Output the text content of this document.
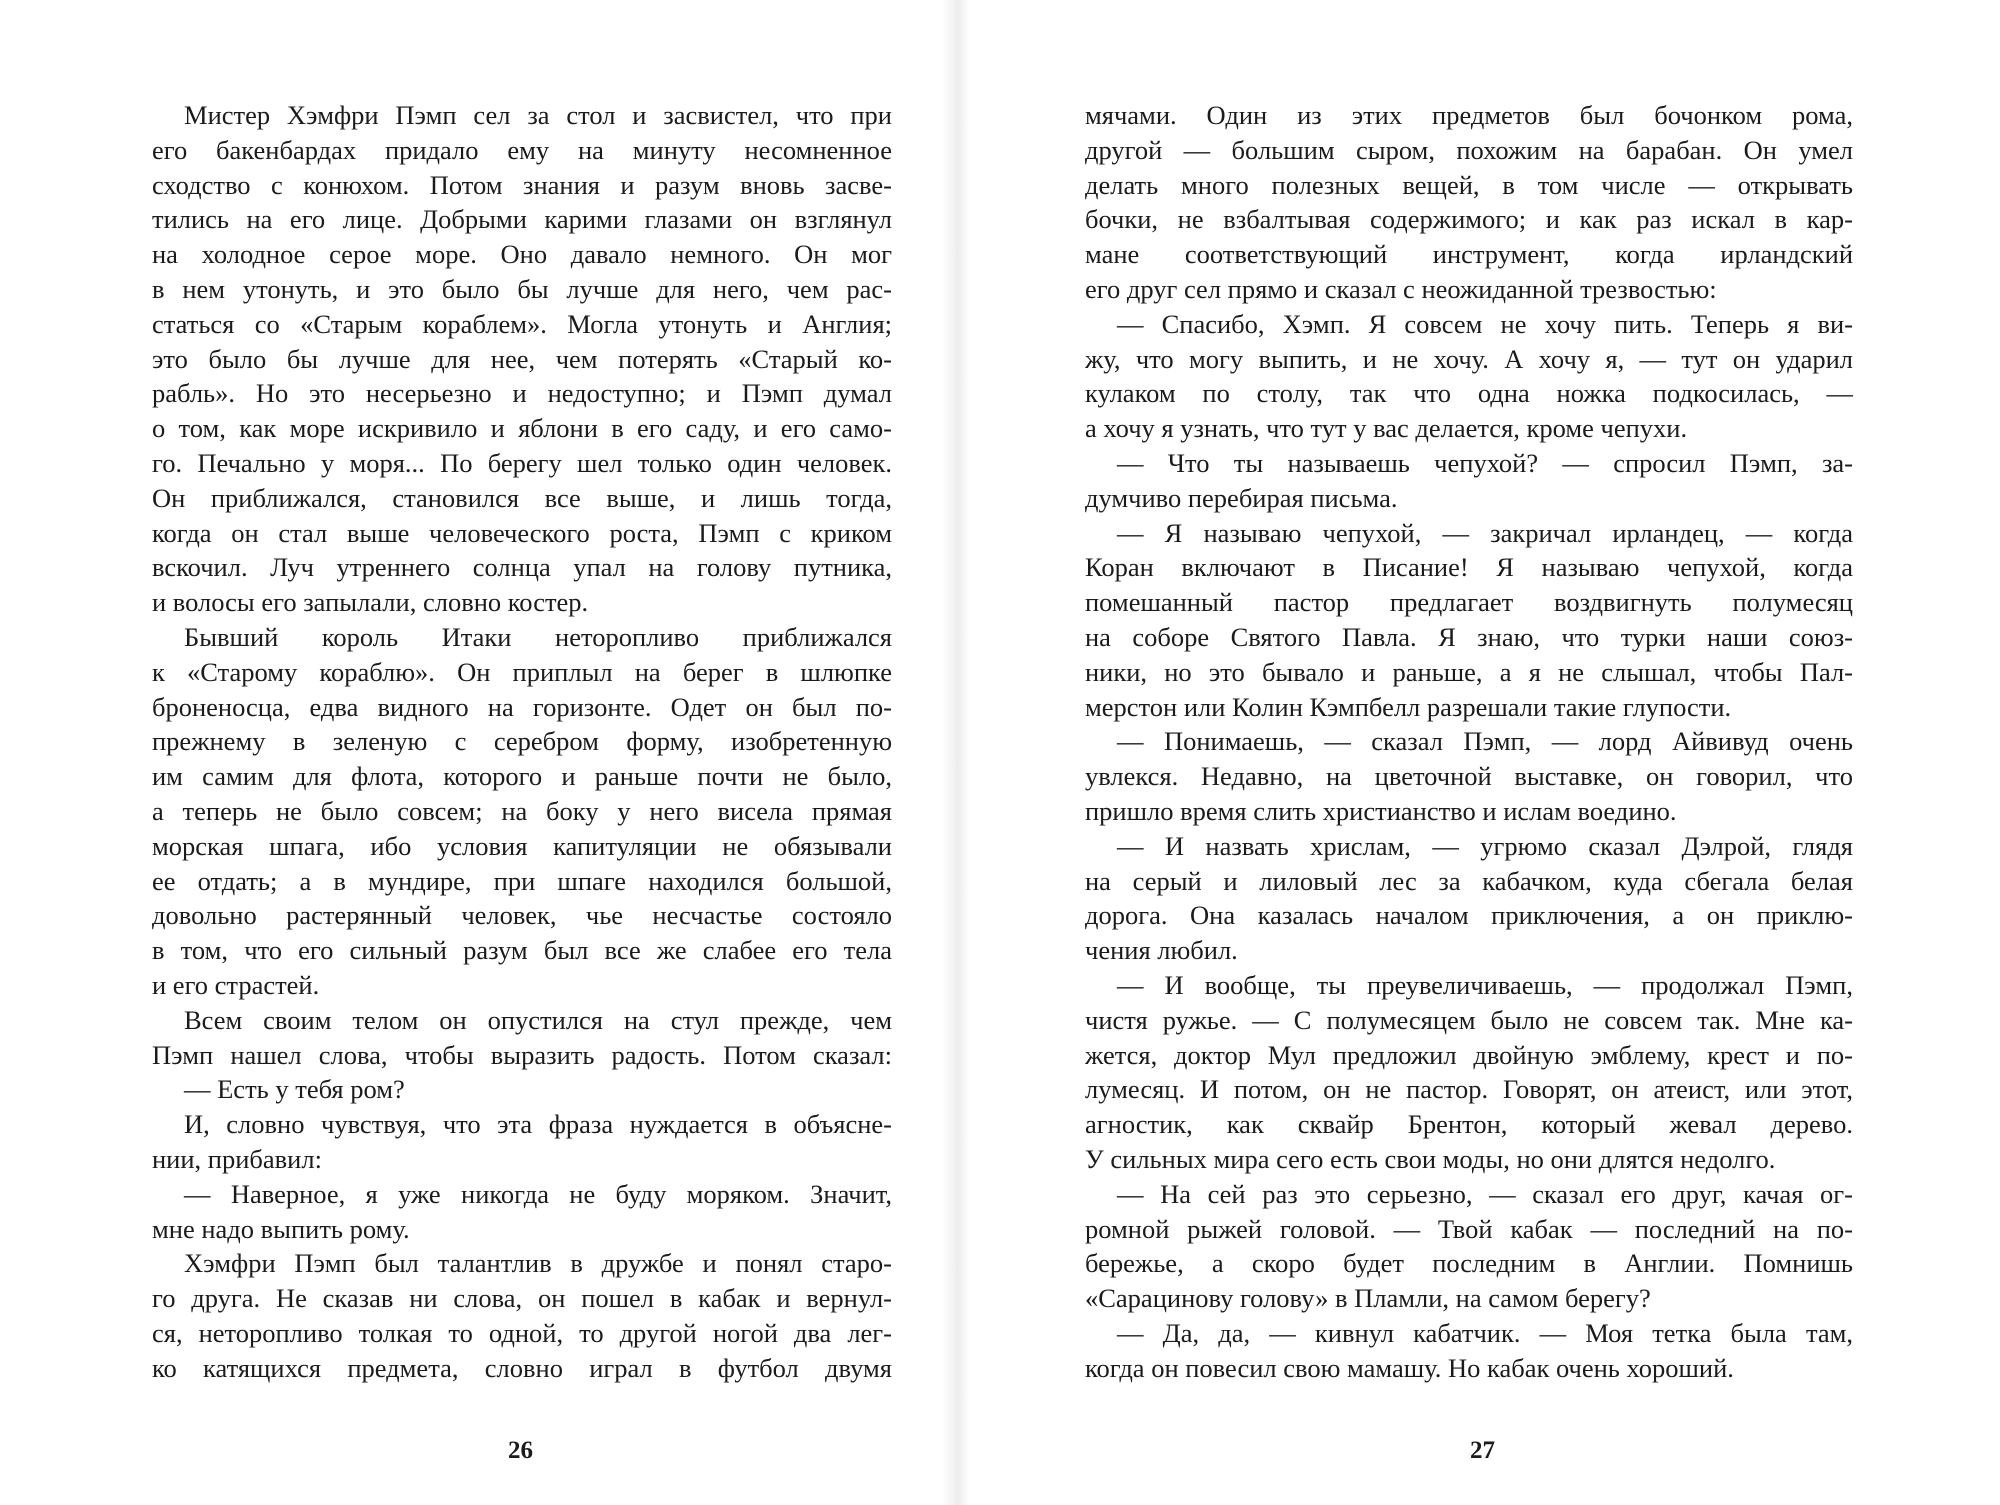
Мистер Хэмфри Пэмп сел за стол и засвистел, что при
его бакенбардах придало ему на минуту несомненное
сходство с конюхом. Потом знания и разум вновь засве-
тились на его лице. Добрыми карими глазами он взглянул
на холодное серое море. Оно давало немного. Он мог
в нем утонуть, и это было бы лучше для него, чем рас-
статься со «Старым кораблем». Могла утонуть и Англия;
это было бы лучше для нее, чем потерять «Старый ко-
рабль». Но это несерьезно и недоступно; и Пэмп думал
о том, как море искривило и яблони в его саду, и его само-
го. Печально у моря... По берегу шел только один человек.
Он приближался, становился все выше, и лишь тогда,
когда он стал выше человеческого роста, Пэмп с криком
вскочил. Луч утреннего солнца упал на голову путника,
и волосы его запылали, словно костер.
Бывший король Итаки неторопливо приближался
к «Старому кораблю». Он приплыл на берег в шлюпке
броненосца, едва видного на горизонте. Одет он был по-
прежнему в зеленую с серебром форму, изобретенную
им самим для флота, которого и раньше почти не было,
а теперь не было совсем; на боку у него висела прямая
морская шпага, ибо условия капитуляции не обязывали
ее отдать; а в мундире, при шпаге находился большой,
довольно растерянный человек, чье несчастье состояло
в том, что его сильный разум был все же слабее его тела
и его страстей.
Всем своим телом он опустился на стул прежде, чем
Пэмп нашел слова, чтобы выразить радость. Потом сказал:
— Есть у тебя ром?
И, словно чувствуя, что эта фраза нуждается в объяснe-
нии, прибавил:
— Наверное, я уже никогда не буду моряком. Значит,
мне надо выпить рому.
Хэмфри Пэмп был талантлив в дружбе и понял старо-
го друга. Не сказав ни слова, он пошел в кабак и вернул-
ся, неторопливо толкая то одной, то другой ногой два лег-
ко катящихся предмета, словно играл в футбол двумя
мячами. Один из этих предметов был бочонком рома,
другой — большим сыром, похожим на барабан. Он умел
делать много полезных вещей, в том числе — открывать
бочки, не взбалтывая содержимого; и как раз искал в кар-
мане соответствующий инструмент, когда ирландский
его друг сел прямо и сказал с неожиданной трезвостью:
— Спасибо, Хэмп. Я совсем не хочу пить. Теперь я ви-
жу, что могу выпить, и не хочу. А хочу я, — тут он ударил
кулаком по столу, так что одна ножка подкосилась, —
а хочу я узнать, что тут у вас делается, кроме чепухи.
— Что ты называешь чепухой? — спросил Пэмп, за-
думчиво перебирая письма.
— Я называю чепухой, — закричал ирландец, — когда
Коран включают в Писание! Я называю чепухой, когда
помешанный пастор предлагает воздвигнуть полумесяц
на соборе Святого Павла. Я знаю, что турки наши союз-
ники, но это бывало и раньше, а я не слышал, чтобы Пал-
мерстон или Колин Кэмпбелл разрешали такие глупости.
— Понимаешь, — сказал Пэмп, — лорд Айвивуд очень
увлекся. Недавно, на цветочной выставке, он говорил, что
пришло время слить христианство и ислам воедино.
— И назвать хрислам, — угрюмо сказал Дэлрой, глядя
на серый и лиловый лес за кабачком, куда сбегала белая
дорога. Она казалась началом приключения, а он приклю-
чения любил.
— И вообще, ты преувеличиваешь, — продолжал Пэмп,
чистя ружье. — С полумесяцем было не совсем так. Мне ка-
жется, доктор Мул предложил двойную эмблему, крест и по-
лумесяц. И потом, он не пастор. Говорят, он атеист, или этот,
агностик, как сквайр Брентон, который жевал дерево.
У сильных мира сего есть свои моды, но они длятся недолго.
— На сей раз это серьезно, — сказал его друг, качая ог-
ромной рыжей головой. — Твой кабак — последний на по-
бережье, а скоро будет последним в Англии. Помнишь
«Сарацинову голову» в Пламли, на самом берегу?
— Да, да, — кивнул кабатчик. — Моя тетка была там,
когда он повесил свою мамашу. Но кабак очень хороший.
26	27
